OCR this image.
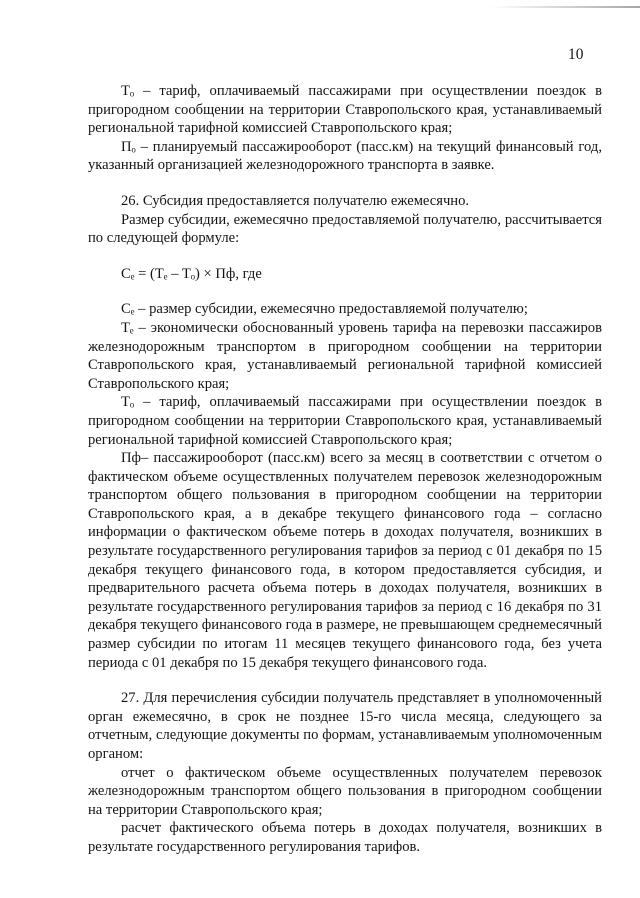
10

Tₒ – тариф, оплачиваемый пассажирами при осуществлении поездок в пригородном сообщении на территории Ставропольского края, устанавливаемый региональной тарифной комиссией Ставропольского края;

Пₒ – планируемый пассажирооборот (пасс.км) на текущий финансовый год, указанный организацией железнодорожного транспорта в заявке.

26. Субсидия предоставляется получателю ежемесячно.

Размер субсидии, ежемесячно предоставляемой получателю, рассчитывается по следующей формуле:

Cₑ = (Tₑ – Tₒ) × Пф, где

Cₑ – размер субсидии, ежемесячно предоставляемой получателю;

Tₑ – экономически обоснованный уровень тарифа на перевозки пассажиров железнодорожным транспортом в пригородном сообщении на территории Ставропольского края, устанавливаемый региональной тарифной комиссией Ставропольского края;

Tₒ – тариф, оплачиваемый пассажирами при осуществлении поездок в пригородном сообщении на территории Ставропольского края, устанавливаемый региональной тарифной комиссией Ставропольского края;

Пф– пассажирооборот (пасс.км) всего за месяц в соответствии с отчетом о фактическом объеме осуществленных получателем перевозок железнодорожным транспортом общего пользования в пригородном сообщении на территории Ставропольского края, а в декабре текущего финансового года – согласно информации о фактическом объеме потерь в доходах получателя, возникших в результате государственного регулирования тарифов за период с 01 декабря по 15 декабря текущего финансового года, в котором предоставляется субсидия, и предварительного расчета объема потерь в доходах получателя, возникших в результате государственного регулирования тарифов за период с 16 декабря по 31 декабря текущего финансового года в размере, не превышающем среднемесячный размер субсидии по итогам 11 месяцев текущего финансового года, без учета периода с 01 декабря по 15 декабря текущего финансового года.

27. Для перечисления субсидии получатель представляет в уполномоченный орган ежемесячно, в срок не позднее 15-го числа месяца, следующего за отчетным, следующие документы по формам, устанавливаемым уполномоченным органом:

отчет о фактическом объеме осуществленных получателем перевозок железнодорожным транспортом общего пользования в пригородном сообщении на территории Ставропольского края;

расчет фактического объема потерь в доходах получателя, возникших в результате государственного регулирования тарифов.
